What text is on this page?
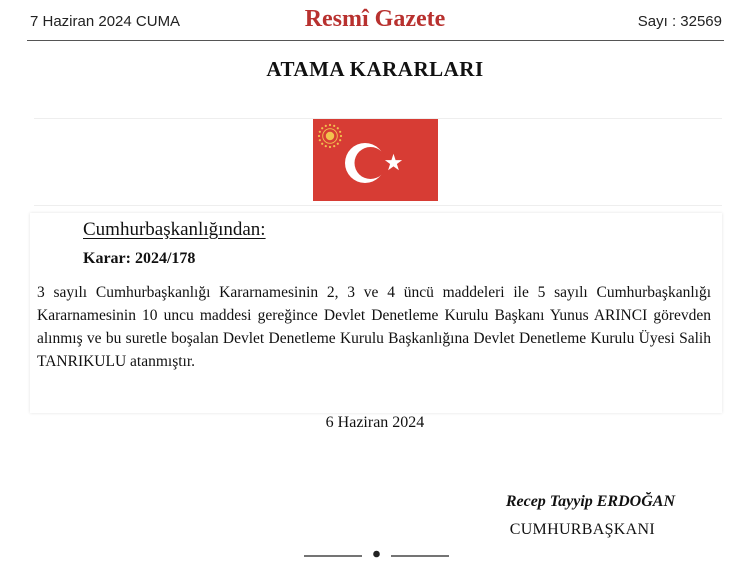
7 Haziran 2024 CUMA	Resmî Gazete	Sayı : 32569
ATAMA KARARLARI
Cumhurbaşkanlığından:
Karar: 2024/178
3 sayılı Cumhurbaşkanlığı Kararnamesinin 2, 3 ve 4 üncü maddeleri ile 5 sayılı Cumhurbaşkanlığı Kararnamesinin 10 uncu maddesi gereğince Devlet Denetleme Kurulu Başkanı Yunus ARINCI görevden alınmış ve bu suretle boşalan Devlet Denetleme Kurulu Başkanlığına Devlet Denetleme Kurulu Üyesi Salih TANRIKULU atanmıştır.
6 Haziran 2024
Recep Tayyip ERDOĞAN
CUMHURBAŞKANI
